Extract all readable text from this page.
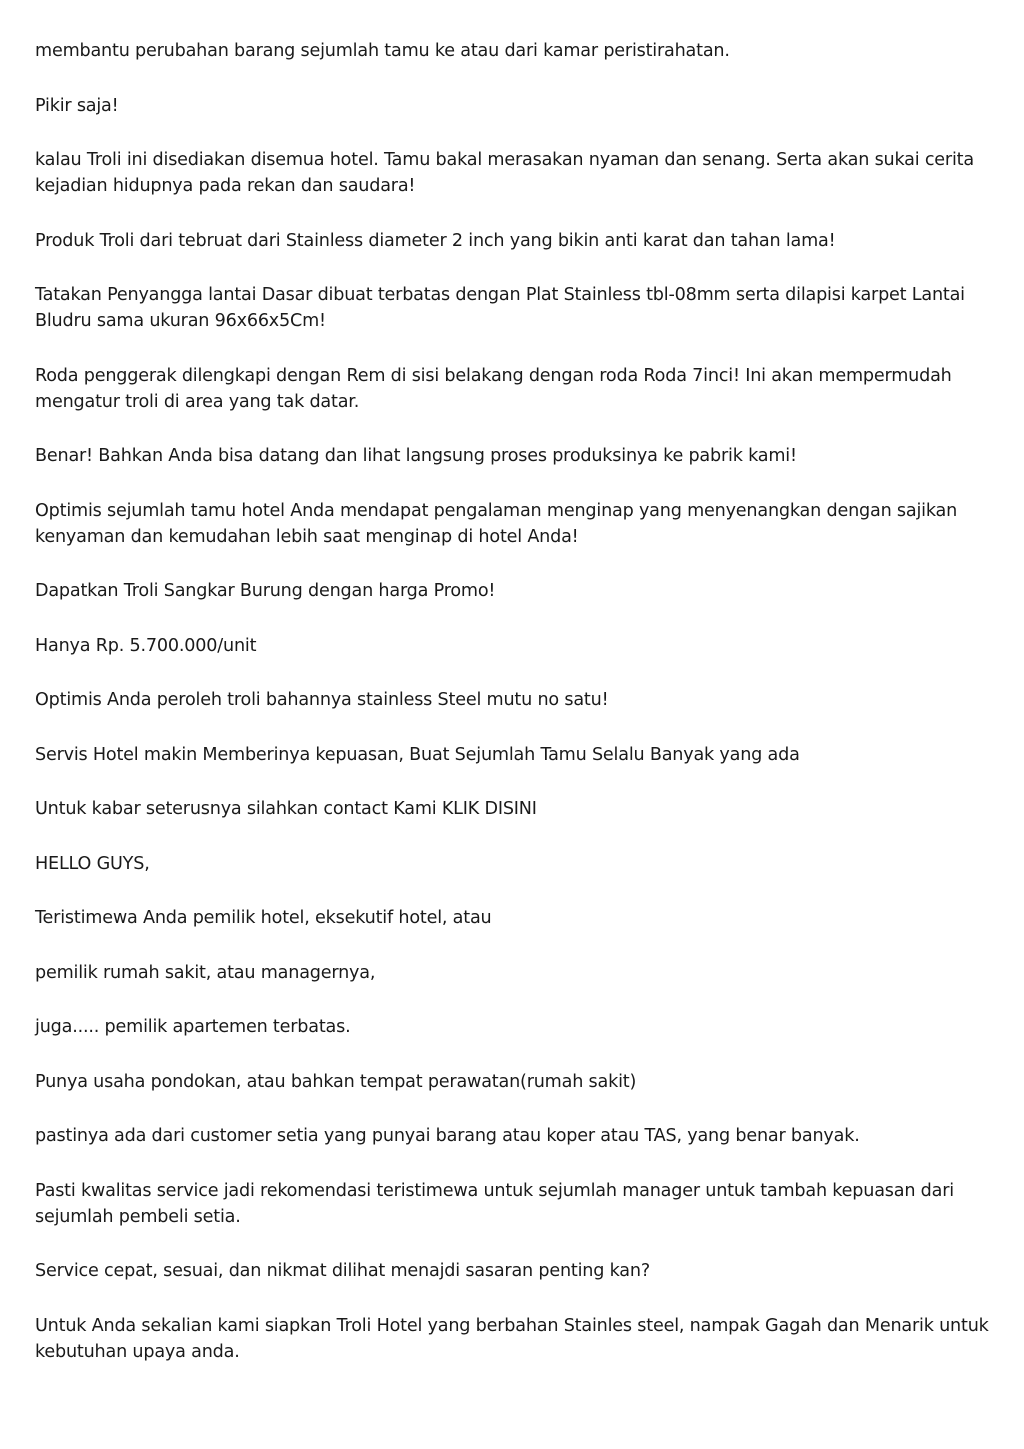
membantu perubahan barang sejumlah tamu ke atau dari kamar peristirahatan.

Pikir saja!

kalau Troli ini disediakan disemua hotel. Tamu bakal merasakan nyaman dan senang. Serta akan sukai cerita kejadian hidupnya pada rekan dan saudara!

Produk Troli dari tebruat dari Stainless diameter 2 inch yang bikin anti karat dan tahan lama!

Tatakan Penyangga lantai Dasar dibuat terbatas dengan Plat Stainless tbl-08mm serta dilapisi karpet Lantai Bludru sama ukuran 96x66x5Cm!

Roda penggerak dilengkapi dengan Rem di sisi belakang dengan roda Roda 7inci! Ini akan mempermudah mengatur troli di area yang tak datar.

Benar! Bahkan Anda bisa datang dan lihat langsung proses produksinya ke pabrik kami!

Optimis sejumlah tamu hotel Anda mendapat pengalaman menginap yang menyenangkan dengan sajikan kenyaman dan kemudahan lebih saat menginap di hotel Anda!

Dapatkan Troli Sangkar Burung dengan harga Promo!

Hanya Rp. 5.700.000/unit

Optimis Anda peroleh troli bahannya stainless Steel mutu no satu!

Servis Hotel makin Memberinya kepuasan, Buat Sejumlah Tamu Selalu Banyak yang ada

Untuk kabar seterusnya silahkan contact Kami KLIK DISINI

HELLO GUYS,

Teristimewa Anda pemilik hotel, eksekutif hotel, atau

pemilik rumah sakit, atau managernya,

juga..... pemilik apartemen terbatas.

Punya usaha pondokan, atau bahkan tempat perawatan(rumah sakit)

pastinya ada dari customer setia yang punyai barang atau koper atau TAS, yang benar banyak.

Pasti kwalitas service jadi rekomendasi teristimewa untuk sejumlah manager untuk tambah kepuasan dari sejumlah pembeli setia.

Service cepat, sesuai, dan nikmat dilihat menajdi sasaran penting kan?

Untuk Anda sekalian kami siapkan Troli Hotel yang berbahan Stainles steel, nampak Gagah dan Menarik untuk kebutuhan upaya anda.
